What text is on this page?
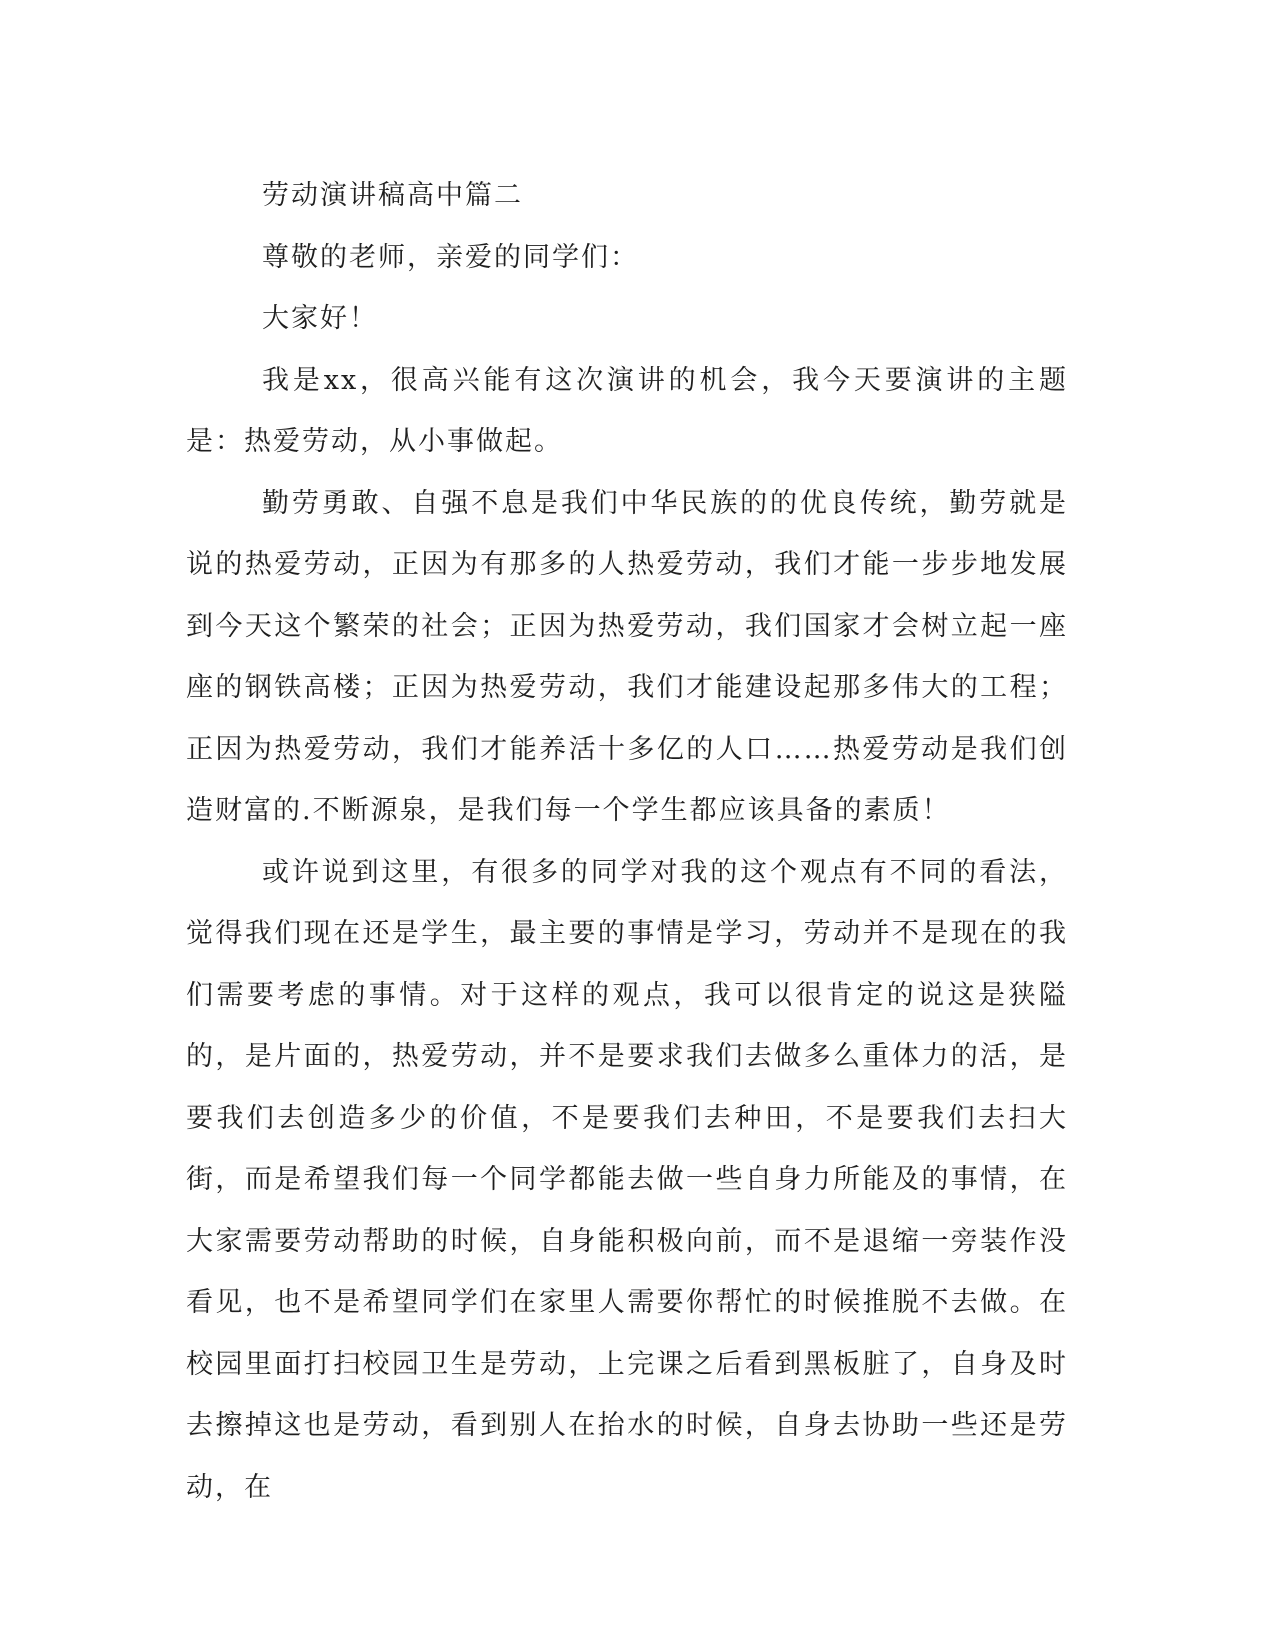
劳动演讲稿高中篇二

尊敬的老师，亲爱的同学们：

大家好！

我是xx，很高兴能有这次演讲的机会，我今天要演讲的主题是：热爱劳动，从小事做起。

勤劳勇敢、自强不息是我们中华民族的的优良传统，勤劳就是说的热爱劳动，正因为有那多的人热爱劳动，我们才能一步步地发展到今天这个繁荣的社会；正因为热爱劳动，我们国家才会树立起一座座的钢铁高楼；正因为热爱劳动，我们才能建设起那多伟大的工程；正因为热爱劳动，我们才能养活十多亿的人口……热爱劳动是我们创造财富的.不断源泉，是我们每一个学生都应该具备的素质！

或许说到这里，有很多的同学对我的这个观点有不同的看法，觉得我们现在还是学生，最主要的事情是学习，劳动并不是现在的我们需要考虑的事情。对于这样的观点，我可以很肯定的说这是狭隘的，是片面的，热爱劳动，并不是要求我们去做多么重体力的活，是要我们去创造多少的价值，不是要我们去种田，不是要我们去扫大街，而是希望我们每一个同学都能去做一些自身力所能及的事情，在大家需要劳动帮助的时候，自身能积极向前，而不是退缩一旁装作没看见，也不是希望同学们在家里人需要你帮忙的时候推脱不去做。在校园里面打扫校园卫生是劳动，上完课之后看到黑板脏了，自身及时去擦掉这也是劳动，看到别人在抬水的时候，自身去协助一些还是劳动，在
